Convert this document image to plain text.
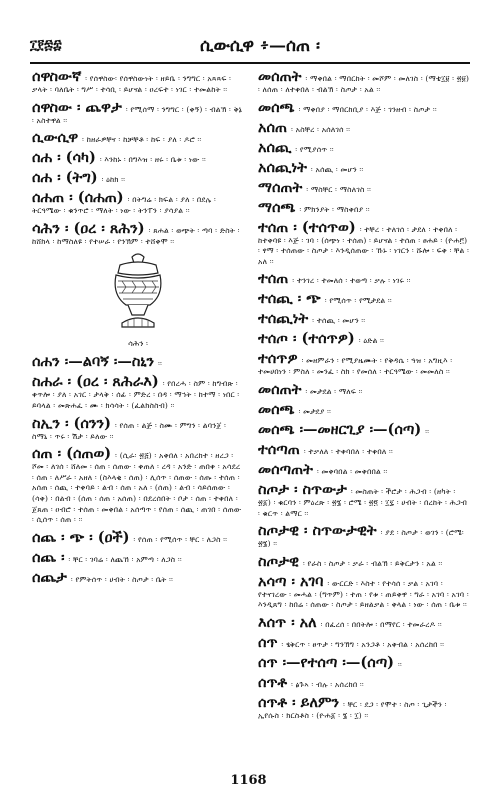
፲፻፷፰	ሲውሲዋ ፥—ሰጠ ፡
ሰዋስውኛ ፡ የሰዋስው፡ የሰዋስውነት ፡ ዘይቤ ፡ ንግግር ፡ አጻጻፍ ፡ ቃላት ፡ ባለቤት ፡ ግሥ ፡ ተሳቢ ፡ ይሆናል ፡ ዐረፍተ ፡ ነገር ፡ ተመልከት ፡፡
ሰዋስው ፡ ጨዋታ ፡ የሚሰማ ፡ ንግግር ፡ (ቀኝ) ፡ ብልኽ ፡ ቅኔ ፡ አስተዋል ፡፡
ሲውሲዋ ፡ ከዘራዎቸና ፡ ከቻቸቶ ፡ ከፍ ፡ ያለ ፡ ዶሮ ፡፡
ሰሐ ፡ (ሳካ) ፡ እንከኑ ፡ በግእዝ ፡ ዘሩ ፡ ቤቱ ፡ ነው ፡፡
ሰሐ ፡ (ትግ) ፡ ዕከክ ፡፡
ሰሐጠ ፡ (ሰሐጠ) ፡ በትግሬ ፡ ክፍል ፡ ያለ ፡ በደሌ ፡ ትርጓሜው ፡ ቁንጥሮ ፡ ማለት ፡ ነው ፡ ትንፐን ፡ ያሳያል ፡፡
ሳሕን ፡ (ዐረ ፡ ጸሕን) ፡ ጸሐል ፡ ወጭት ፡ ጣባ ፡ ድስት ፡ ከሸክላ ፡ ከማስለዩ ፡ የተሠራ ፡ የንኽም ፡ ተሸቀሞ ፡፡
ሳሕን ፡
ሰሐን ፡—ልባኝ ፡—ስኒን ፡፡
ስሐራ ፡ (ዐረ ፡ ጸሕራእ) ፡ የበረሓ ፡ ስም ፡ ከግብጽ ፡ ቀጥሎ ፡ ያለ ፡ አገር ፡ ታላቅ ፡ ሰፊ ፡ ምድረ ፡ በዳ ፡ ማኅት ፡ ከተማ ፡ ነበር ፡ ይባላል ፡ መጽሐፈ ፡ ሙ ፡ ክሳሳት ፡ (ፈልክስስብ) ፡፡
ስኢን ፡ (ሰንን) ፡ የሰጠ ፡ ልጅ ፡ ስሙ ፡ ምግን ፡ ልባንጀ ፡ ስማኒ ፡ ጥሩ ፡ ሽታ ፡ ይለው ፡፡
ሰጠ ፡ (ሰጠወ) ፡ (ሲራ፡ ፳፭) ፡ አቀበለ ፡ አበረከተ ፡ ዘረጋ ፡ ሾመ ፡ ለገሰ ፡ ሸለመ ፡ ሰጠ ፡ ሰጠው ፡ ቀጠለ ፡ ረዳ ፡ አንድ ፡ ጠበቀ ፡ አሳደረ ፡ ሰጠ ፡ ለሥራ ፡ አዘለ ፡ (ስእላቂ ፡ ሰጠ) ፡ ሊሰጥ ፡ ሰጠው ፡ ሰጡ ፡ ተሰጠ ፡ አሰጠ ፡ ሰጪ ፡ ተቀባይ ፡ ልብ ፡ ሰጠ ፡ አለ ፡ (ሰጠ) ፡ ልብ ፡ ሳይሰጠው ፡ (ሳቀ) ፡ በልብ ፡ (ሰጠ ፡ ሰጠ ፡ አሰጠ) ፡ በደረሰበት ፡ ቦታ ፡ ሰጠ ፡ ተቀበለ ፡ ጀጸጠ ፡ ዐብሮ ፡ ተሰጠ ፡ መቀበል ፡ አሰጣጥ ፡ የሰጠ ፡ ሰጪ ፡ ጠገበ ፡ ሰጠው ፡ ሲሰጥ ፡ ሰጠ ፡ ፡፡
ሰጨ ፡ ጭ ፡ (ዐች) ፡ የሰጠ ፡ የሚሰጥ ፡ ቸር ፡ ለጋስ ፡፡
ሰጨ ፡ ፡ ቸር ፡ ገባሬ ፡ ለጨኸ ፡ አምጣ ፡ ለጋስ ፡፡
ሰጨታ ፡ የምትሰጥ ፡ ሀብት ፡ ስጦታ ፡ ቤት ፡፡
መሰጠት ፡ ማቀበል ፡ ማበርከት ፡ መሾም ፡ መለገስ ፡ (ማቴ፲፱ ፡ ፳፱) ፡ ለሰጠ ፡ ለተቀበለ ፡ ብልኽ ፡ ስጦታ ፡ አል ፡፡
መሰጫ ፡ ማቀበያ ፡ ማበርከቢያ ፡ እጅ ፡ ገንዘብ ፡ ስጦታ ፡፡
አሰጠ ፡ አስቸረ ፡ አሰለገሰ ፡፡
አሰጪ ፡ የሚያሰጥ ፡፡
አሰጪነት ፡ አሰጪ ፡ መሆን ፡፡
ማሰጠት ፡ ማስቸር ፡ ማስለገስ ፡፡
ማሰጫ ፡ ምክንያት ፡ ማስቀበያ ፡፡
ተሰጠ ፡ (ተሰጥወ) ፡ ተቸረ ፡ ተለገሰ ፡ ታደለ ፡ ተቀበለ ፡ ከተቀባዩ ፡ እጅ ፡ ገባ ፡ (ሰጭነ ፡ ተሰጠ) ፡ ይሆናል ፡ ተሰጠ ፡ ፀሐይ ፡ (ዮሐ፫) ፡ ፃማ ፡ ተሰጠው ፡ ስጦታ ፡ እንዲሰጠው ፡ ኹኑ ፡ ነገርን ፡ ሹሎ ፡ ፍቀ ፡ ቸል ፡ አለ ፡፡
ተሰጠ ፡ ተንገረ ፡ ተመለሰ ፡ ተወጣ ፡ ቃሉ ፡ ነገሩ ፡፡
ተሰጪ ፡ ጭ ፡ የሚሰጥ ፡ የሚታደል ፡፡
ተሰጪነት ፡ ተሰጪ ፡ መሆን ፡፡
ተሰጦ ፡ (ተሰጥዎ) ፡ ዕድል ፡፡
ተሰጥዎ ፡ መዘምራን ፡ የሚያዜሙት ፡ የቅዳሴ ፡ ጓዝ ፡ አግዚእ ፡ ተመሀበነን ፡ ምስለ ፡ መንፈ ፡ ስክ ፡ የመሰለ ፡ ተርጓሜው ፡ መመለስ ፡፡
መሰጠት ፡ መታደል ፡ ማለፍ ፡፡
መሰጫ ፡ መታደያ ፡፡
መሰጫ ፡—መዘርጊያ ፡—(ሰጣ) ፡፡
ተሰጣጠ ፡ ተቃለለ ፡ ተቀባበለ ፡ ተቀበለ ፡፡
መሰጣጠት ፡ መቀባበል ፡ መቀበበል ፡፡
ስጦታ ፡ ስጥውታ ፡ መስጠት ፡ ችሮታ ፡ ሕጋብ ፡ (ዘካት ፡ ፳፩) ፡ ቁርባን ፡ ምዕረጽ ፡ ፳፮ ፡ ሮሜ ፡ ፳፬ ፡ ፲፯ ፡ ሀብት ፡ በረከት ፡ ሕጋብ ፡ ቁርጥ ፡ ልማር ፡፡
ስጦታዊ ፡ ስጥውታዊት ፡ ያደ ፡ ስጦታ ፡ ወገን ፡ (ሮሜ፡ ፳፮) ፡፡
ስጦታዊ ፡ የራስ ፡ ስጦታ ፡ ቃራ ፡ ብልኽ ፡ ይቅርታን ፡ አል ፡፡
አሳጣ ፡ አገባ ፡ ውርርድ ፡ እስተ ፡ የተሳሰ ፡ ቃል ፡ አገባ ፡ የተናገረው ፡ መሓል ፡ (ግጥም) ፡ ተጠ ፡ የቱ ፡ ጠይቀዋ ፡ ግራ ፡ አገባ ፡ አገባ ፡ እንዲጸግ ፡ ከበሬ ፡ ሰጠው ፡ ስጦታ ፡ ይዘልቃል ፡ ቀላል ፡ ነው ፡ ሰጠ ፡ ቤቱ ፡፡
እሰጥ ፡ አለ ፡ በፈረሰ ፡ በበትሎ ፡ በማየር ፡ ተመራረዶ ፡፡
ሰጥ ፡ ፄቅርጥ ፡ ፀጥታ ፡ ግንኽግ ፡ አንጋቶ ፡ አቀብል ፡ አሰረከበ ፡፡
ሰጥ ፡—የተሰጣ ፡—(ሰጣ) ፡፡
ሰጥቶ ፡ ፅጉኣ ፡ ብሉ ፡ አሰረከበ ፡፡
ሰጥቶ ፡ ይለምን ፡ ቸር ፡ ደጋ ፡ የሞተ ፡ ስጦ ፡ ጊታችን ፡ ኢየሱስ ፡ ክርስቶስ ፡ (ዮሐ፩ ፡ ፮ ፡ ፲) ፡፡
1168
